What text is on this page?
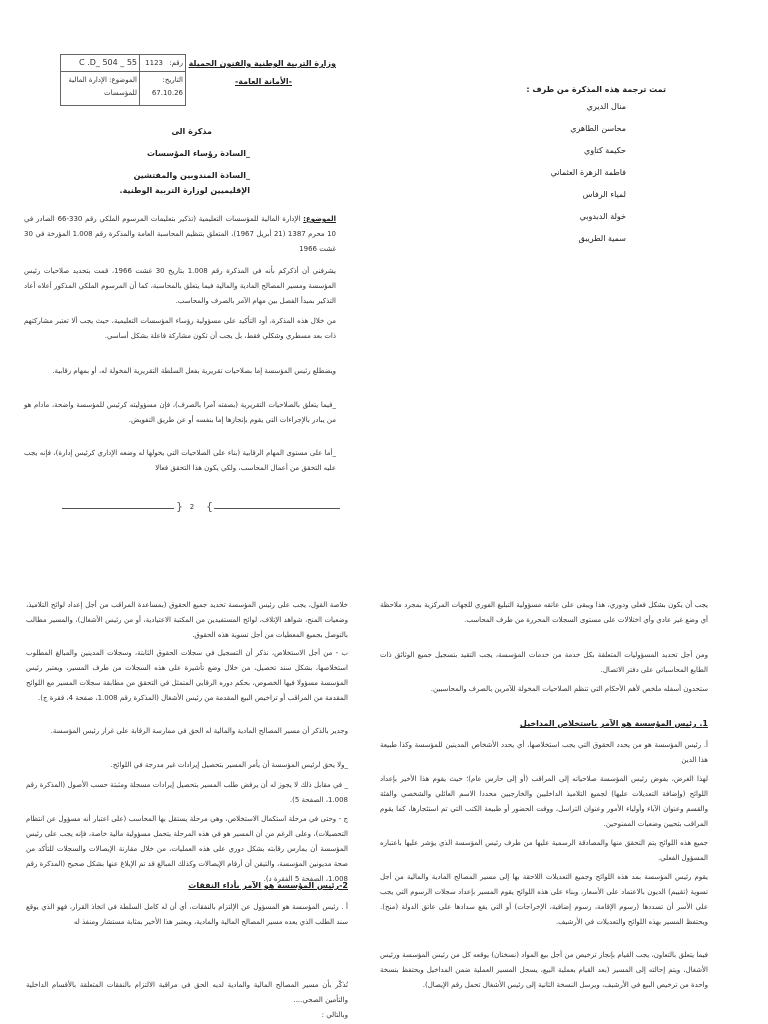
وزارة التربية الوطنية والفنون الجميلة
-الأمانة العامة-
55 _ 504 _C .D	رقم:
1123
الموضوع: الإدارة المالية
للمؤسسات
التاريخ:
67.10.26
مذكرة الى
_السادة رؤساء المؤسسات
_السادة المندوبين والمفتشين
الإقليميين لوزارة التربية الوطنية.
تمت ترجمة هذه المذكرة من طرف :
منال الديري
محاسن الطاهري
حكيمة كتاوي
فاطمة الزهرة العثماني
لمياء الرفاس
خولة الدبدوبي
سمية الطريبق
الموضوع: الإدارة المالية للمؤسسات التعليمية (تذكير بتعليمات المرسوم الملكي رقم 330-66 الصادر في 10 محرم 1387 (21 أبريل 1967)، المتعلق بتنظيم المحاسبة العامة والمذكرة رقم 1.008 المؤرخة في 30 غشت 1966
يشرفني أن أذكركم بأنه في المذكرة رقم 1.008 بتاريخ 30 غشت 1966، قمت بتحديد صلاحيات رئيس المؤسسة ومسير المصالح المادية والمالية فيما يتعلق بالمحاسبة، كما أن المرسوم الملكي المذكور أعلاه أعاد التذكير بمبدأ الفصل بين مهام الآمر بالصرف والمحاسب.
من خلال هذه المذكرة، أود التأكيد على مسؤولية رؤساء المؤسسات التعليمية، حيث يجب ألا تعتبر مشاركتهم ذات بعد مسطري وشكلي فقط، بل يجب أن تكون مشاركة فاعلة بشكل أساسي.
ويضطلع رئيس المؤسسة إما بصلاحيات تقريرية بفعل السلطة التقريرية المخولة له، أو بمهام رقابية.
_فيما يتعلق بالصلاحيات التقريرية (بصفته آمرا بالصرف)، فإن مسؤوليته كرئيس للمؤسسة واضحة، مادام هو من يبادر بالإجراءات التي يقوم بإنجازها إما بنفسه أو عن طريق التفويض.
_أما على مستوى المهام الرقابية (بناء على الصلاحيات التي يخولها له وضعه الإداري كرئيس إدارة)، فإنه يجب عليه التحقق من أعمال المحاسب، ولكي يكون هذا التحقق فعالا
} 2	{
يجب أن يكون بشكل فعلي ودوري، هذا ويبقى على عاتقه مسؤولية التبليغ الفوري للجهات المركزية بمجرد ملاحظة أي وضع غير عادي وأي اختلالات على مستوى السجلات المحررة من طرف المحاسب.
ومن أجل تحديد المسؤوليات المتعلقة بكل خدمة من خدمات المؤسسة، يجب التقيد بتسجيل جميع الوثائق ذات الطابع المحاسباتي على دفتر الاتصال.
ستحدون أسفله ملخص لأهم الأحكام التي تنظم الصلاحيات المخولة للآمرين بالصرف والمحاسبين.
1. رئيس المؤسسة هو الآمر باستخلاص المداخيل
أ. رئيس المؤسسة هو من يحدد الحقوق التي يجب استخلاصها، أي يحدد الأشخاص المدينين للمؤسسة وكذا طبيعة هذا الدين
لهذا الغرض، يفوض رئيس المؤسسة صلاحياته إلى المراقب (أو إلى حارس عام)؛ حيث يقوم هذا الأخير بإعداد اللوائح (وإضافة التعديلات عليها) لجميع التلاميذ الداخليين والخارجيين محددا الاسم العائلي والشخصي والفئة والقسم وعنوان الآباء وأولياء الأمور وعنوان التراسل، ووقت الحضور أو طبيعة الكتب التي تم استئجارها، كما يقوم المراقب بتحيين وضعيات الممنوحين.
جميع هذه اللوائح يتم التحقق منها والمصادقة الرسمية عليها من طرف رئيس المؤسسة الذي يؤشر عليها باعتباره المسؤول الفعلي.
يقوم رئيس المؤسسة بمد هذه اللوائح وجميع التعديلات اللاحقة بها إلى مسير المصالح المادية والمالية من أجل تسوية (تقييم) الديون بالاعتماد على الأسعار، وبناء على هذه اللوائح يقوم المسير بإعداد سجلات الرسوم التي يجب على الأسر أن تسددها (رسوم الإقامة، رسوم إضافية، الإخراجات) أو التي يقع سدادها على عاتق الدولة (منح). ويحتفظ المسير بهذه اللوائح والتعديلات في الأرشيف.
فيما يتعلق بالتعاون، يجب القيام بإنجاز ترخيص من أجل بيع المواد (نسختان) يوقعه كل من رئيس المؤسسة ورئيس الأشغال، ويتم إحالته إلى المسير (بعد القيام بعملية البيع، يسجل المسير العملية ضمن المداخيل ويحتفظ بنسخة واحدة من ترخيص البيع في الأرشيف، ويرسل النسخة الثانية إلى رئيس الأشغال تحمل رقم الإيصال).
خلاصة القول، يجب على رئيس المؤسسة تحديد جميع الحقوق (بمساعدة المراقب من أجل إعداد لوائح التلاميذ، وضعيات المنح، شواهد الإتلاف، لوائح المستفيدين من المكتبة الاعتيادية، أو من رئيس الأشغال)، والمسير مطالب بالتوصل بجميع المعطيات من أجل تسوية هذه الحقوق.
ب - من أجل الاستخلاص، نذكر أن التسجيل في سجلات الحقوق الثابتة، وسجلات المدينين والمبالغ المطلوب استخلاصها، بشكل سند تحصيل، من خلال وضع تأشيرة على هذه السجلات من طرف المسير، ويعتبر رئيس المؤسسة مسؤولا فيها الخصوص، بحكم دوره الرقابي المتمثل في التحقق من مطابقة سجلات المسير مع اللوائح المقدمة من المراقب أو تراخيص البيع المقدمة من رئيس الأشغال (المذكرة رقم 1.008، صفحة 4، فقرة ج).
وجدير بالذكر أن مسير المصالح المادية والمالية له الحق في ممارسة الرقابة على غرار رئيس المؤسسة.
_ولا يحق لرئيس المؤسسة أن يأمر المسير بتحصيل إيرادات غير مدرجة في اللوائح.
_ في مقابل ذلك لا يجوز له أن يرفض طلب المسير بتحصيل إيرادات مسجلة ومثبتة حسب الأصول (المذكرة رقم 1.008، الصفحة 5).
ج - وحتى في مرحلة استكمال الاستخلاص، وهي مرحلة يستقل بها المحاسب (على اعتبار أنه مسؤول عن انتظام التحصيلات)، وعلى الرغم من أن المسير هو في هذه المرحلة يتحمل مسؤولية مالية خاصة، فإنه يجب على رئيس المؤسسة أن يمارس رقابته بشكل دوري على هذه العمليات، من خلال مقارنة الإيصالات والسجلات للتأكد من صحة مديونين المؤسسة، والتيقن أن أرقام الإيصالات وكذلك المبالغ قد تم الإبلاغ عنها بشكل صحيح (المذكرة رقم 1.008، الصفحة 5 الفقرة د).
2-رئيس المؤسسة هو الآمر بأداء النفقات
أ . رئيس المؤسسة هو المسؤول عن الإلتزام بالنفقات، أي أن له كامل السلطة في اتخاذ القرار، فهو الذي يوقع سند الطلب الذي يعده مسير المصالح المالية والمادية، ويعتبر هذا الأخير بمثابة مستشار ومنفذ له
نُذكّر بأن مسير المصالح المالية والمادية لديه الحق في مراقبة الالتزام بالنفقات المتعلقة بالأقسام الداخلية والتأمين الصحي....
وبالتالي :
